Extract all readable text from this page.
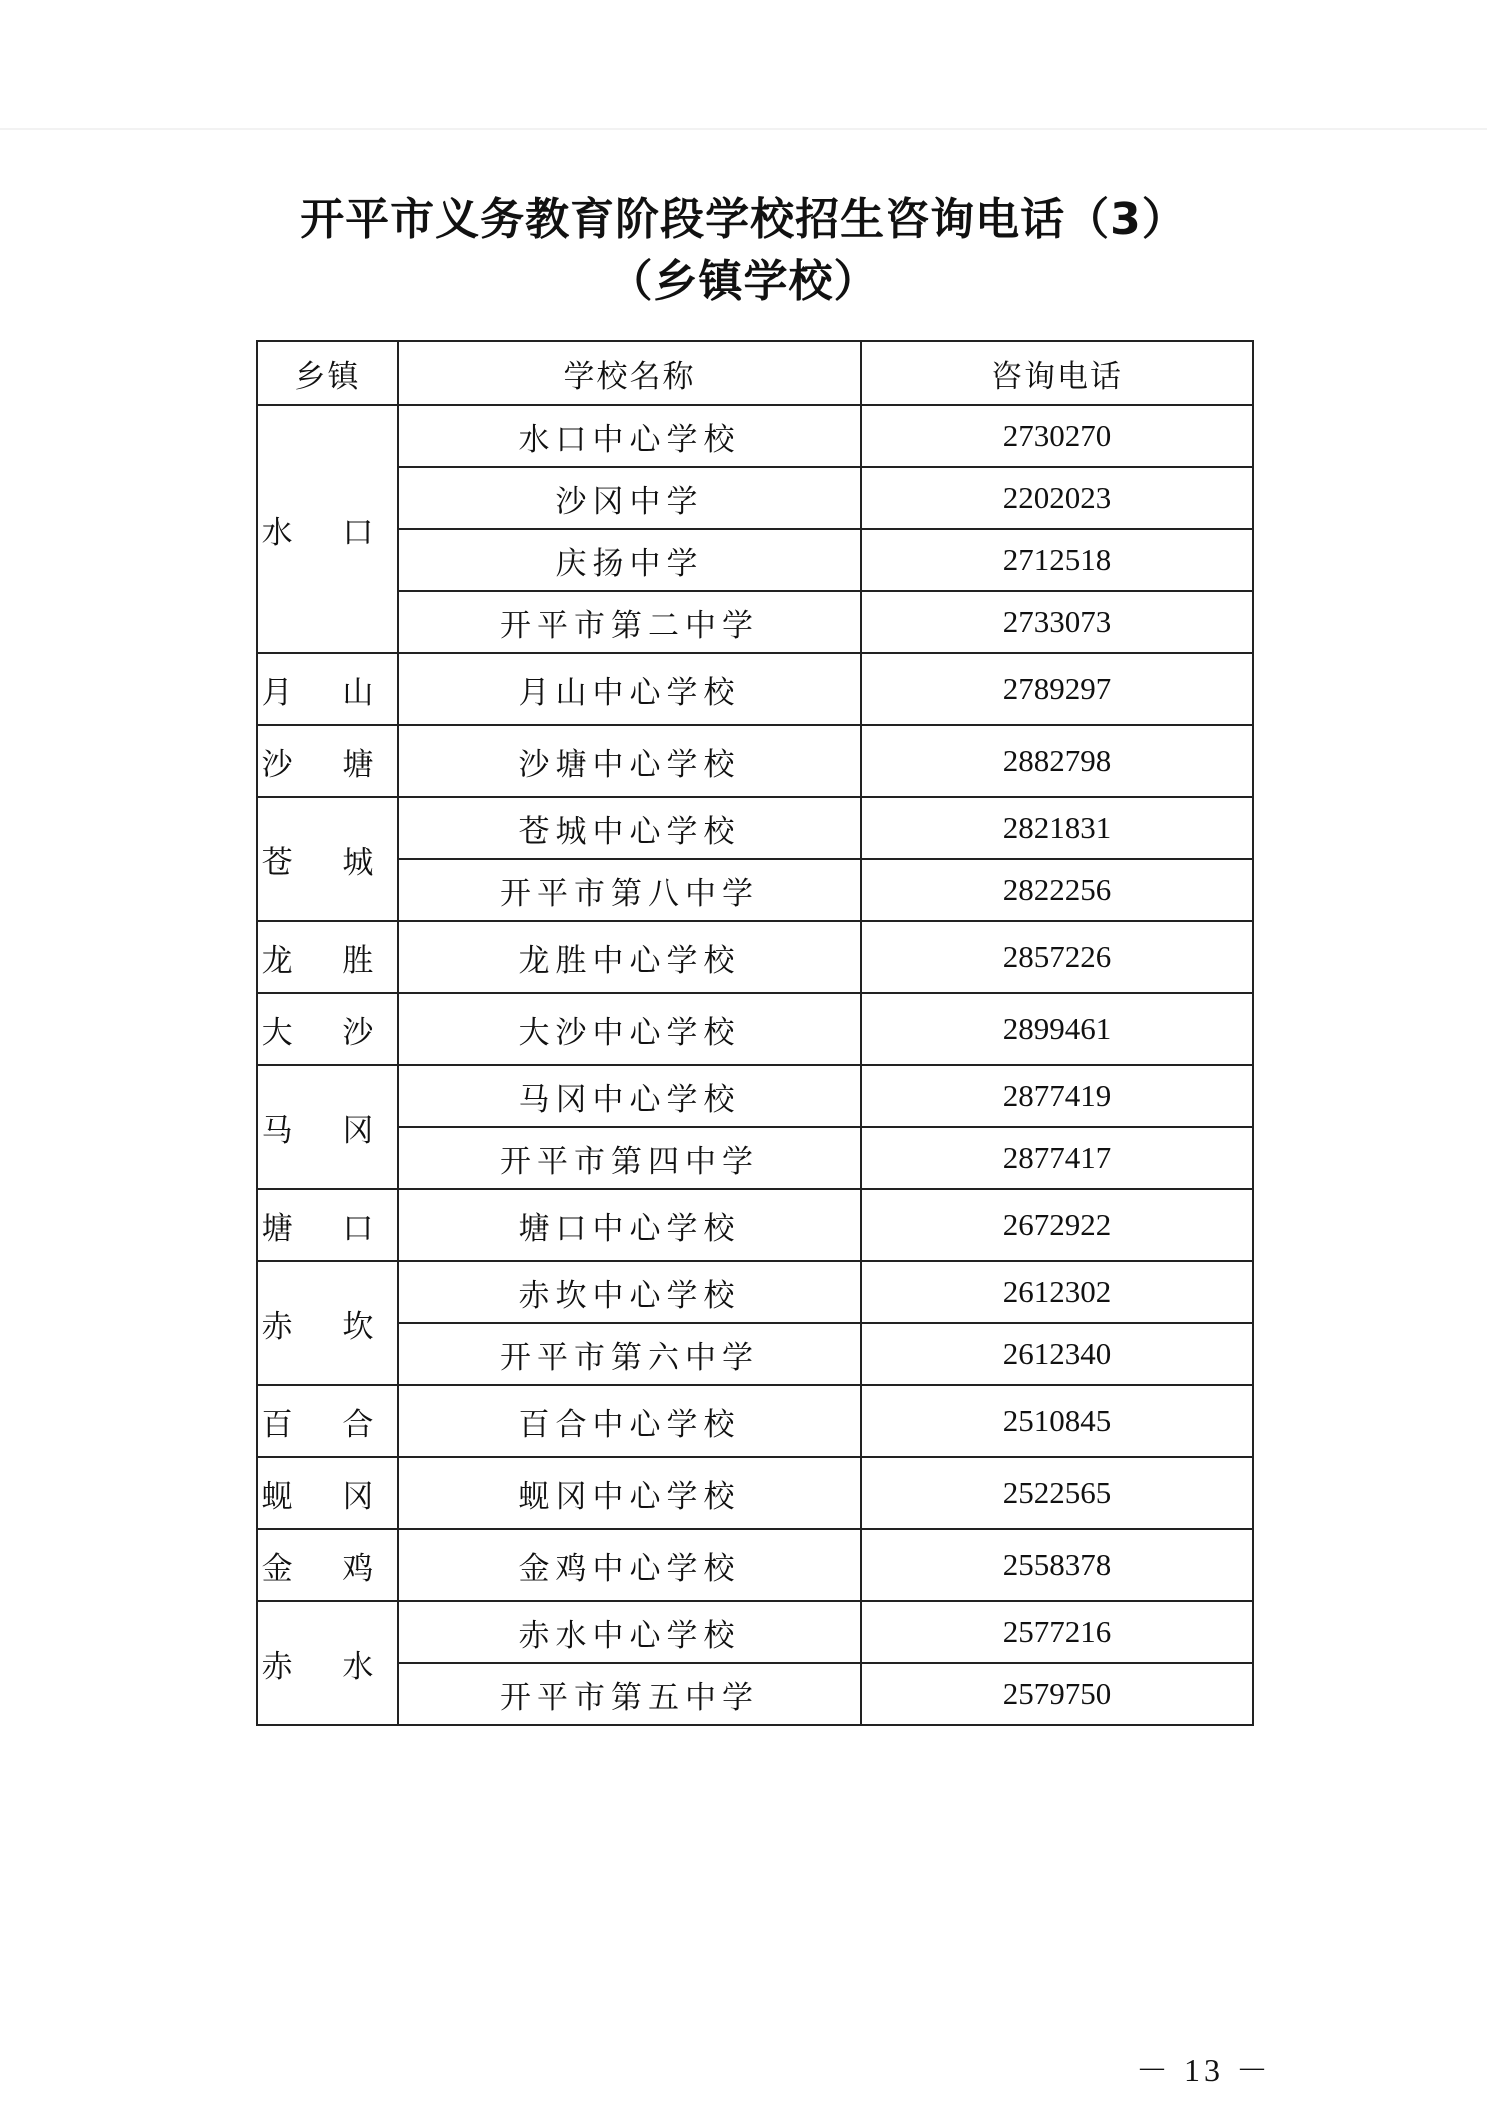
开平市义务教育阶段学校招生咨询电话（3）
（乡镇学校）
乡镇	学校名称	咨询电话
水 口	水口中心学校	2730270
	沙冈中学	2202023
	庆扬中学	2712518
	开平市第二中学	2733073
月 山	月山中心学校	2789297
沙 塘	沙塘中心学校	2882798
苍 城	苍城中心学校	2821831
	开平市第八中学	2822256
龙 胜	龙胜中心学校	2857226
大 沙	大沙中心学校	2899461
马 冈	马冈中心学校	2877419
	开平市第四中学	2877417
塘 口	塘口中心学校	2672922
赤 坎	赤坎中心学校	2612302
	开平市第六中学	2612340
百 合	百合中心学校	2510845
蚬 冈	蚬冈中心学校	2522565
金 鸡	金鸡中心学校	2558378
赤 水	赤水中心学校	2577216
	开平市第五中学	2579750
－ 13 －
